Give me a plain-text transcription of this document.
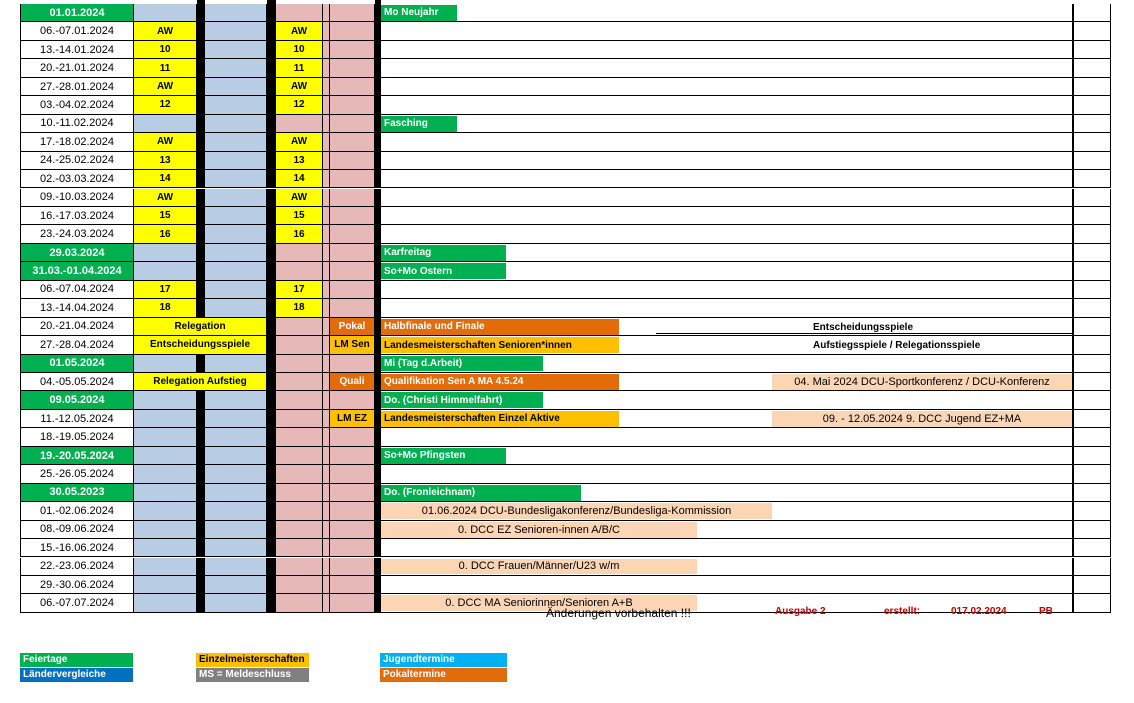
01.01.2024	Mo Neujahr
06.-07.01.2024	AW	AW
13.-14.01.2024	10	10
20.-21.01.2024	11	11
27.-28.01.2024	AW	AW
03.-04.02.2024	12	12
10.-11.02.2024	Fasching
17.-18.02.2024	AW	AW
24.-25.02.2024	13	13
02.-03.03.2024	14	14
09.-10.03.2024	AW	AW
16.-17.03.2024	15	15
23.-24.03.2024	16	16
29.03.2024	Karfreitag
31.03.-01.04.2024	So+Mo Ostern
06.-07.04.2024	17	17
13.-14.04.2024	18	18
20.-21.04.2024	Relegation	Pokal	Halbfinale und Finale	Entscheidungsspiele
27.-28.04.2024	Entscheidungsspiele	LM Sen	Landesmeisterschaften Senioren*innen	Aufstiegsspiele / Relegationsspiele
01.05.2024	Mi (Tag d.Arbeit)
04.-05.05.2024	Relegation Aufstieg	Quali	Qualifikation Sen A MA 4.5.24	04. Mai 2024 DCU-Sportkonferenz / DCU-Konferenz
09.05.2024	Do. (Christi Himmelfahrt)
11.-12.05.2024	LM EZ	Landesmeisterschaften Einzel Aktive	09. - 12.05.2024 9. DCC Jugend EZ+MA
18.-19.05.2024
19.-20.05.2024	So+Mo Pfingsten
25.-26.05.2024
30.05.2023	Do. (Fronleichnam)
01.-02.06.2024	01.06.2024 DCU-Bundesligakonferenz/Bundesliga-Kommission
08.-09.06.2024	0. DCC EZ Senioren-innen A/B/C
15.-16.06.2024
22.-23.06.2024	0. DCC Frauen/Männer/U23 w/m
29.-30.06.2024
06.-07.07.2024	0. DCC MA Seniorinnen/Senioren A+B
Änderungen vorbehalten !!!	Ausgabe 2	erstellt:	017.02.2024	PB
Feiertage
Ländervergleiche
Einzelmeisterschaften
MS = Meldeschluss
Jugendtermine
Pokaltermine
